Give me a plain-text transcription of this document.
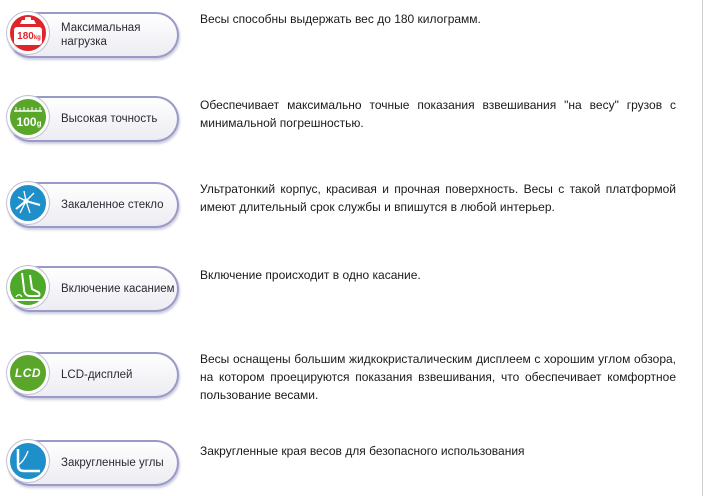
180kg
Максимальная
нагрузка
Весы способны выдержать вес до 180 килограмм.
100g	Высокая точность
Обеспечивает максимально точные показания взвешивания "на весу" грузов с минимальной погрешностью.
Закаленное стекло
Ультратонкий корпус, красивая и прочная поверхность. Весы с такой платформой имеют длительный срок службы и впишутся в любой интерьер.
Включение касанием
Включение происходит в одно касание.
LCD	LCD-дисплей
Весы оснащены большим жидкокристалическим дисплеем с хорошим углом обзора, на котором проецируются показания взвешивания, что обеспечивает комфортное пользование весами.
Закругленные углы
Закругленные края весов для безопасного использования
